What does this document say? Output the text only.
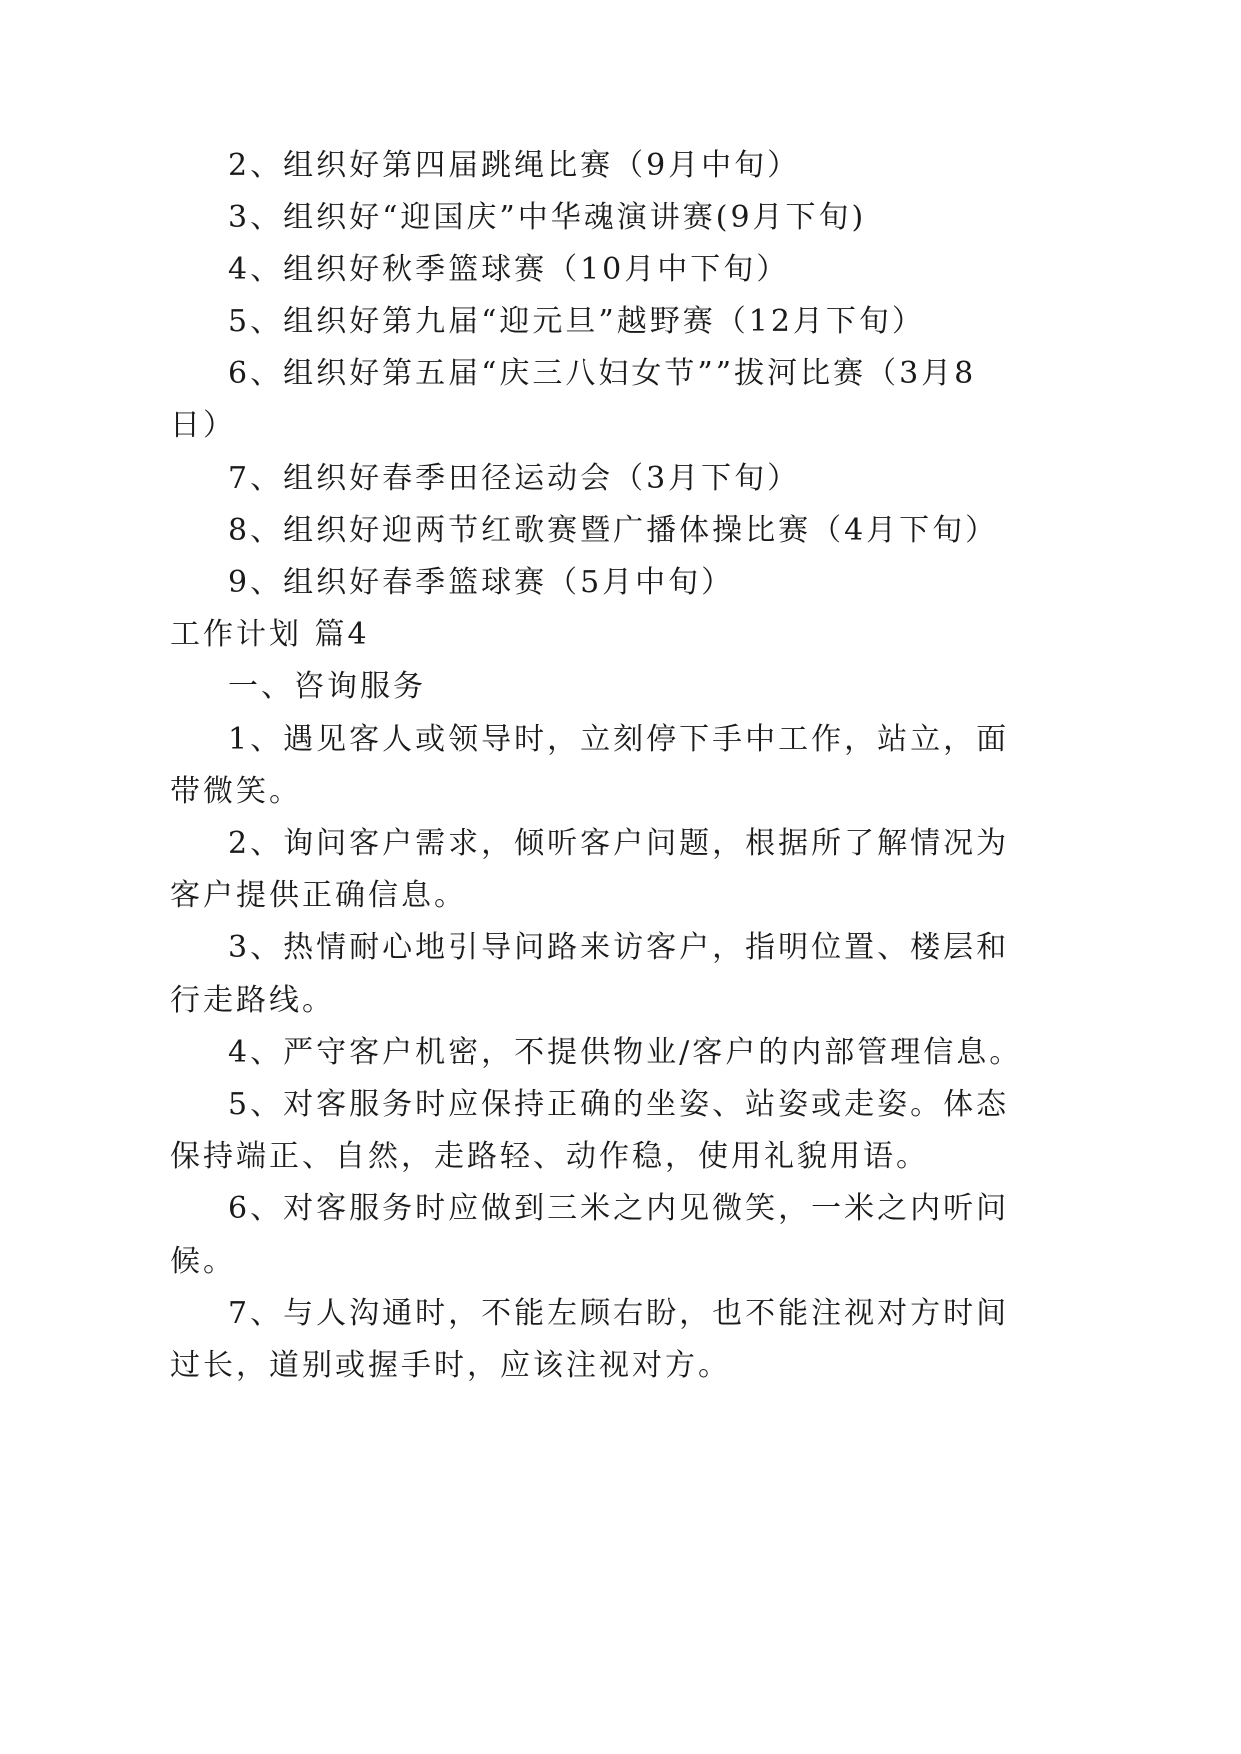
2、组织好第四届跳绳比赛（9月中旬）
3、组织好“迎国庆”中华魂演讲赛(9月下旬)
4、组织好秋季篮球赛（10月中下旬）
5、组织好第九届“迎元旦”越野赛（12月下旬）
6、组织好第五届“庆三八妇女节””拔河比赛（3月8
日）
7、组织好春季田径运动会（3月下旬）
8、组织好迎两节红歌赛暨广播体操比赛（4月下旬）
9、组织好春季篮球赛（5月中旬）
工作计划 篇4
一、咨询服务
1、遇见客人或领导时，立刻停下手中工作，站立，面
带微笑。
2、询问客户需求，倾听客户问题，根据所了解情况为
客户提供正确信息。
3、热情耐心地引导问路来访客户，指明位置、楼层和
行走路线。
4、严守客户机密，不提供物业/客户的内部管理信息。
5、对客服务时应保持正确的坐姿、站姿或走姿。体态
保持端正、自然，走路轻、动作稳，使用礼貌用语。
6、对客服务时应做到三米之内见微笑，一米之内听问
候。
7、与人沟通时，不能左顾右盼，也不能注视对方时间
过长，道别或握手时，应该注视对方。
